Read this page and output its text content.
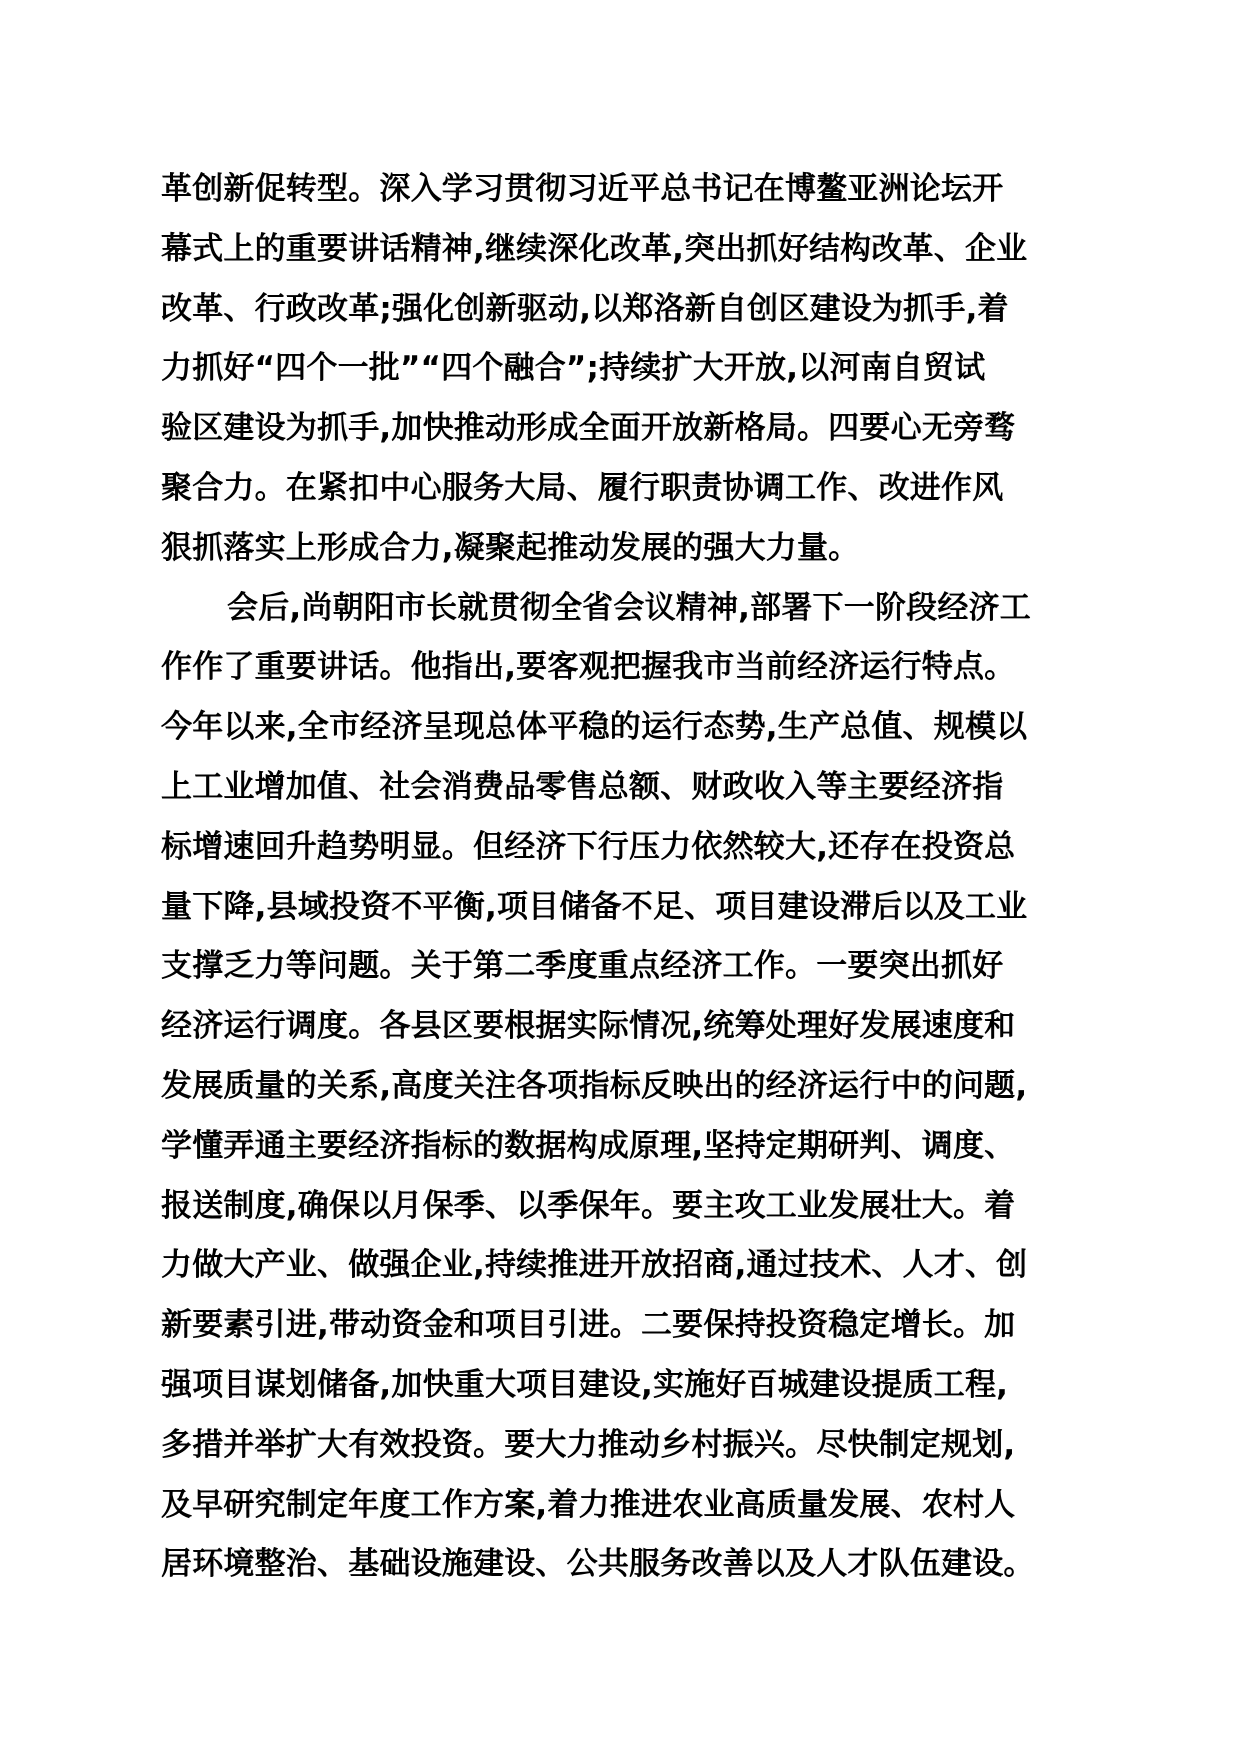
革创新促转型。深入学习贯彻习近平总书记在博鳌亚洲论坛开
幕式上的重要讲话精神,继续深化改革,突出抓好结构改革、企业
改革、行政改革;强化创新驱动,以郑洛新自创区建设为抓手,着
力抓好“四个一批”“四个融合”;持续扩大开放,以河南自贸试
验区建设为抓手,加快推动形成全面开放新格局。四要心无旁骛
聚合力。在紧扣中心服务大局、履行职责协调工作、改进作风
狠抓落实上形成合力,凝聚起推动发展的强大力量。
会后,尚朝阳市长就贯彻全省会议精神,部署下一阶段经济工
作作了重要讲话。他指出,要客观把握我市当前经济运行特点。
今年以来,全市经济呈现总体平稳的运行态势,生产总值、规模以
上工业增加值、社会消费品零售总额、财政收入等主要经济指
标增速回升趋势明显。但经济下行压力依然较大,还存在投资总
量下降,县域投资不平衡,项目储备不足、项目建设滞后以及工业
支撑乏力等问题。关于第二季度重点经济工作。一要突出抓好
经济运行调度。各县区要根据实际情况,统筹处理好发展速度和
发展质量的关系,高度关注各项指标反映出的经济运行中的问题,
学懂弄通主要经济指标的数据构成原理,坚持定期研判、调度、
报送制度,确保以月保季、以季保年。要主攻工业发展壮大。着
力做大产业、做强企业,持续推进开放招商,通过技术、人才、创
新要素引进,带动资金和项目引进。二要保持投资稳定增长。加
强项目谋划储备,加快重大项目建设,实施好百城建设提质工程,
多措并举扩大有效投资。要大力推动乡村振兴。尽快制定规划,
及早研究制定年度工作方案,着力推进农业高质量发展、农村人
居环境整治、基础设施建设、公共服务改善以及人才队伍建设。
